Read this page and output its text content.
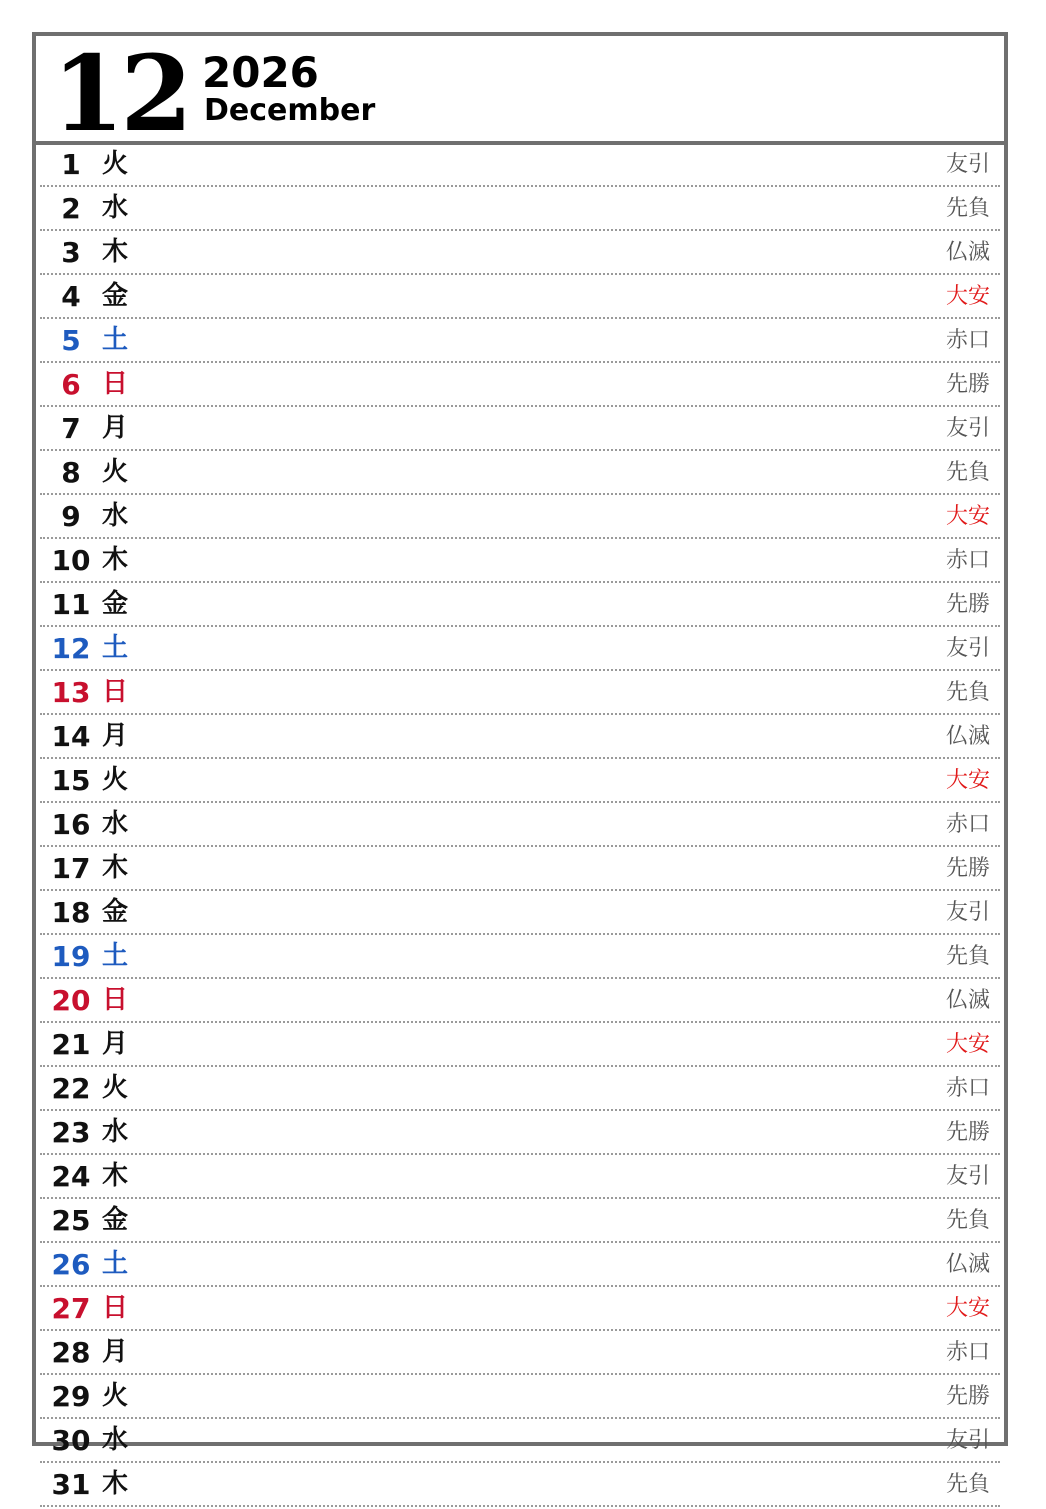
12 2026
December
1 火	友引
2 水	先負
3 木	仏滅
4 金	大安
5 土	赤口
6 日	先勝
7 月	友引
8 火	先負
9 水	大安
10 木	赤口
11 金	先勝
12 土	友引
13 日	先負
14 月	仏滅
15 火	大安
16 水	赤口
17 木	先勝
18 金	友引
19 土	先負
20 日	仏滅
21 月	大安
22 火	赤口
23 水	先勝
24 木	友引
25 金	先負
26 土	仏滅
27 日	大安
28 月	赤口
29 火	先勝
30 水	友引
31 木	先負
